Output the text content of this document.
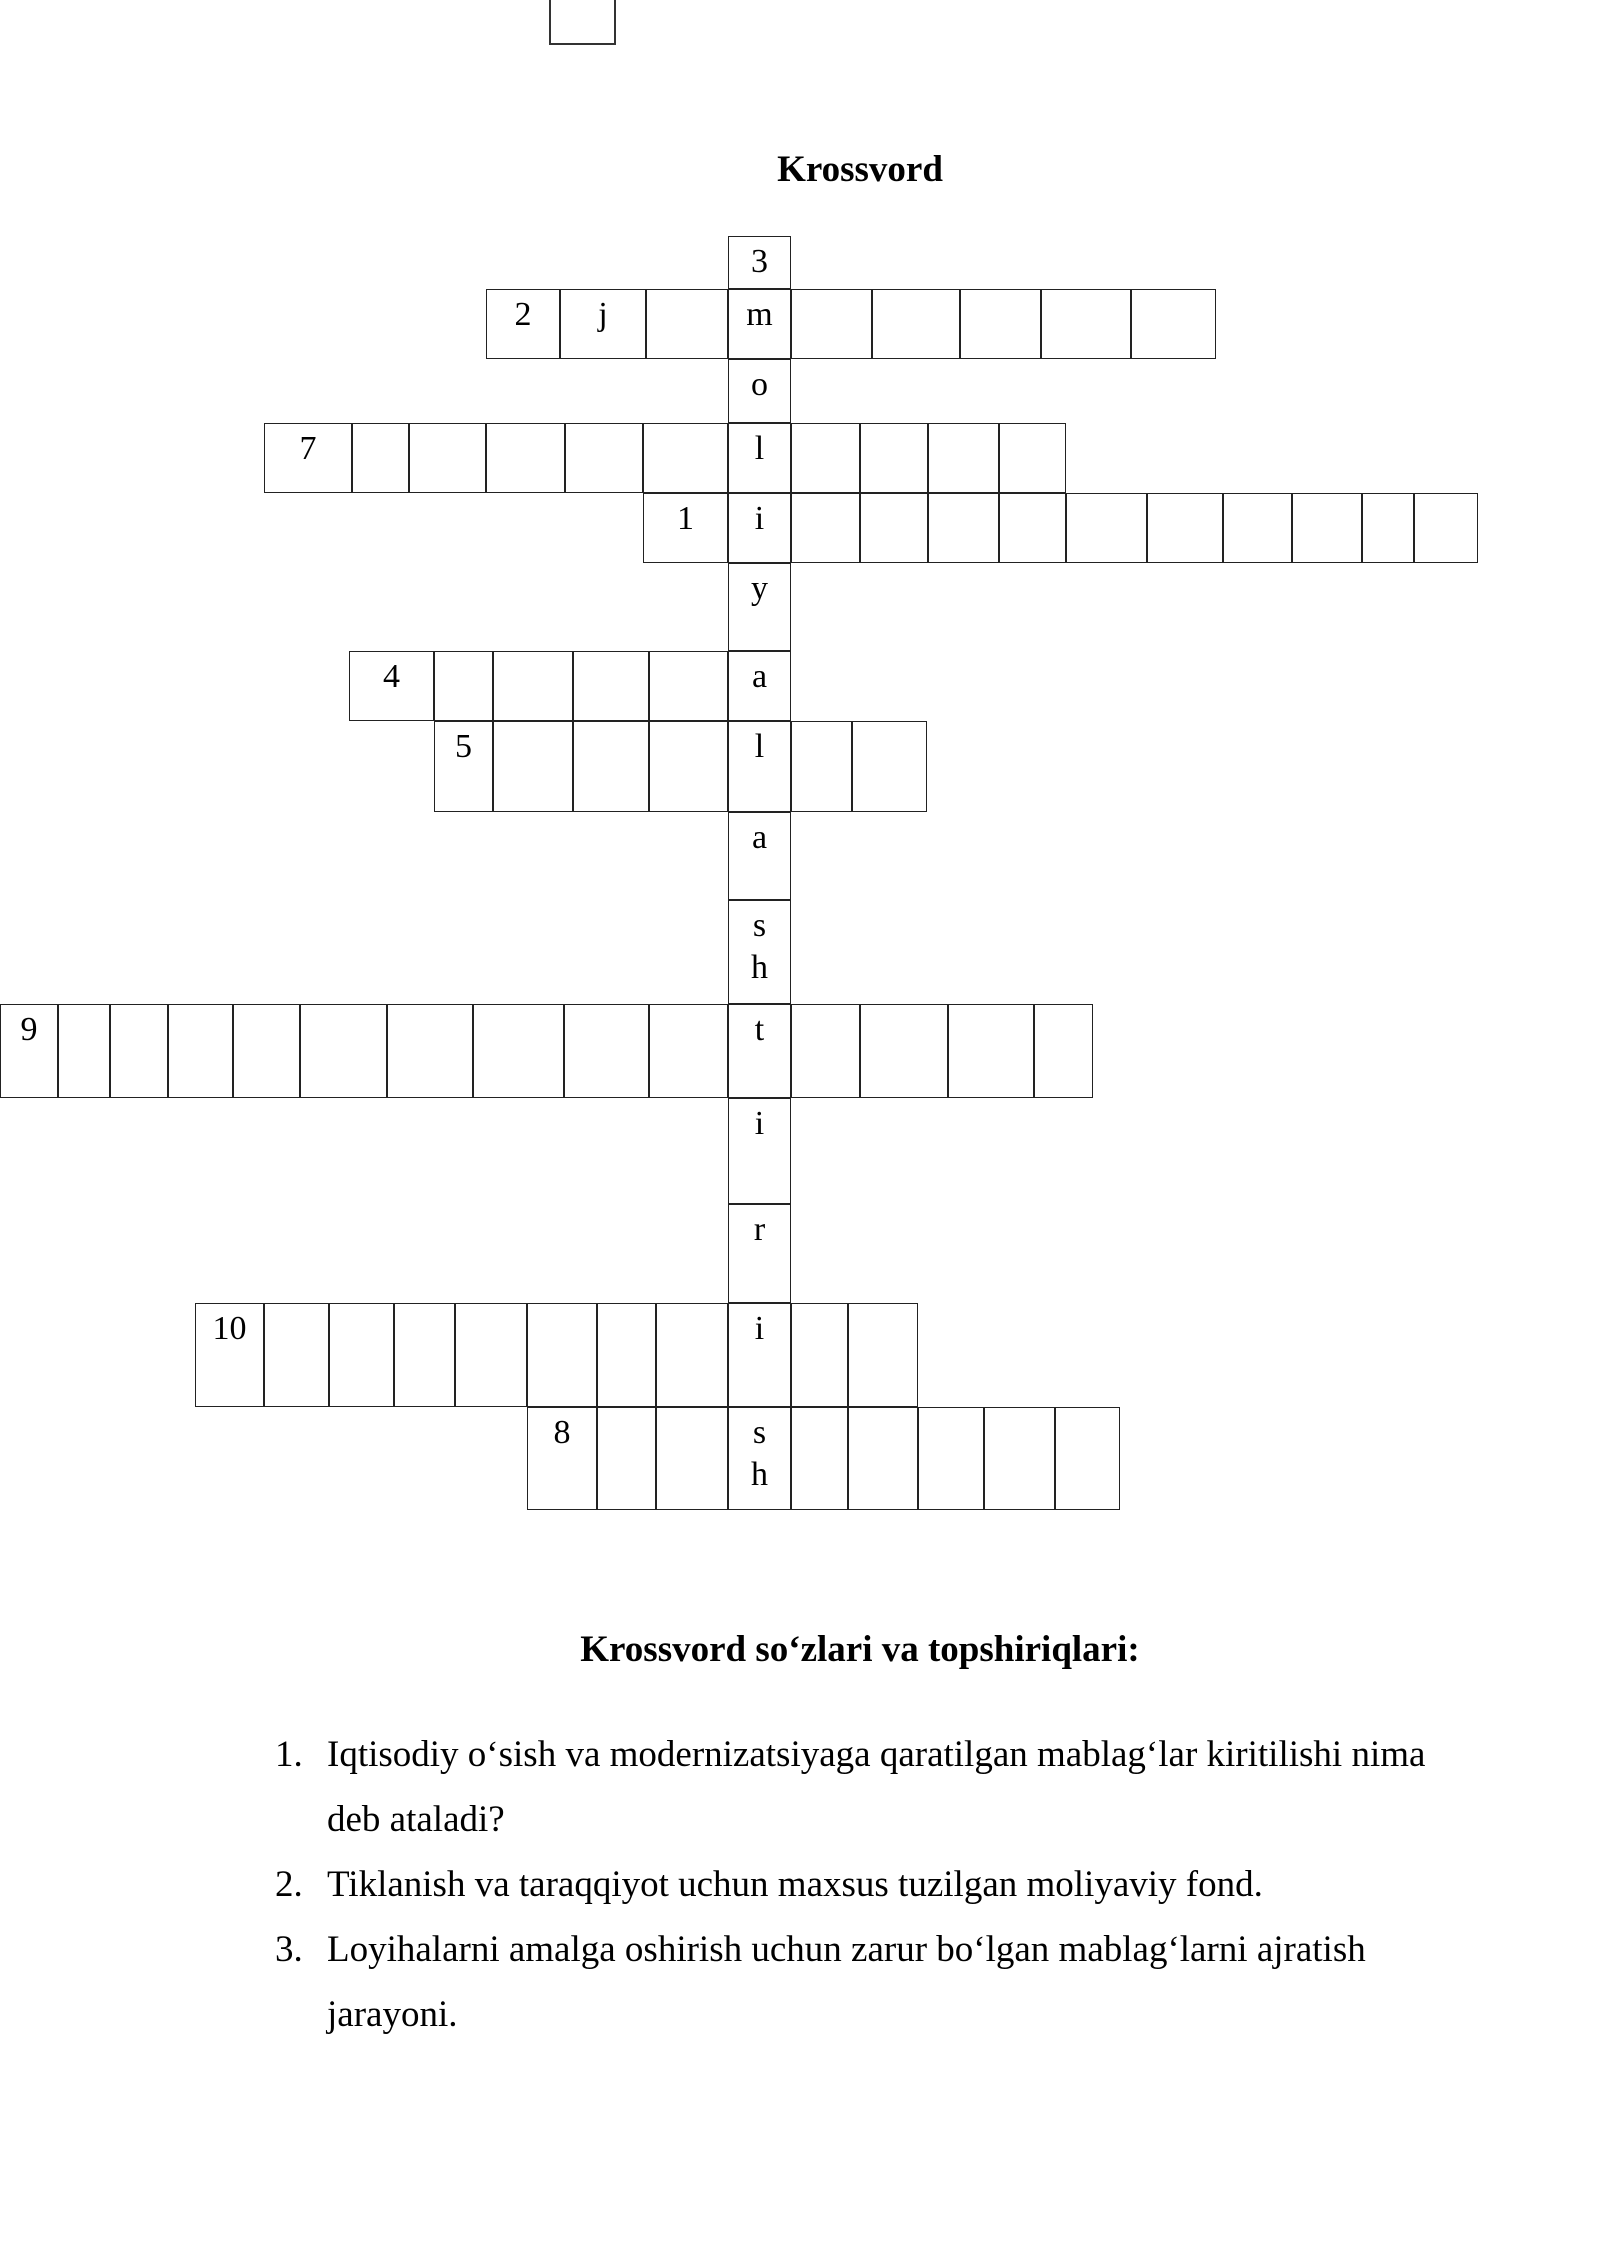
Krossvord
3
m
o
l
i
y
a
l
a
s
h
t
i
r
i
s
h
2	j
7
1
4
5
9
10
8
Krossvord so‘zlari va topshiriqlari:
1. Iqtisodiy o‘sish va modernizatsiyaga qaratilgan mablag‘lar kiritilishi nima deb ataladi?
2. Tiklanish va taraqqiyot uchun maxsus tuzilgan moliyaviy fond.
3. Loyihalarni amalga oshirish uchun zarur bo‘lgan mablag‘larni ajratish jarayoni.
